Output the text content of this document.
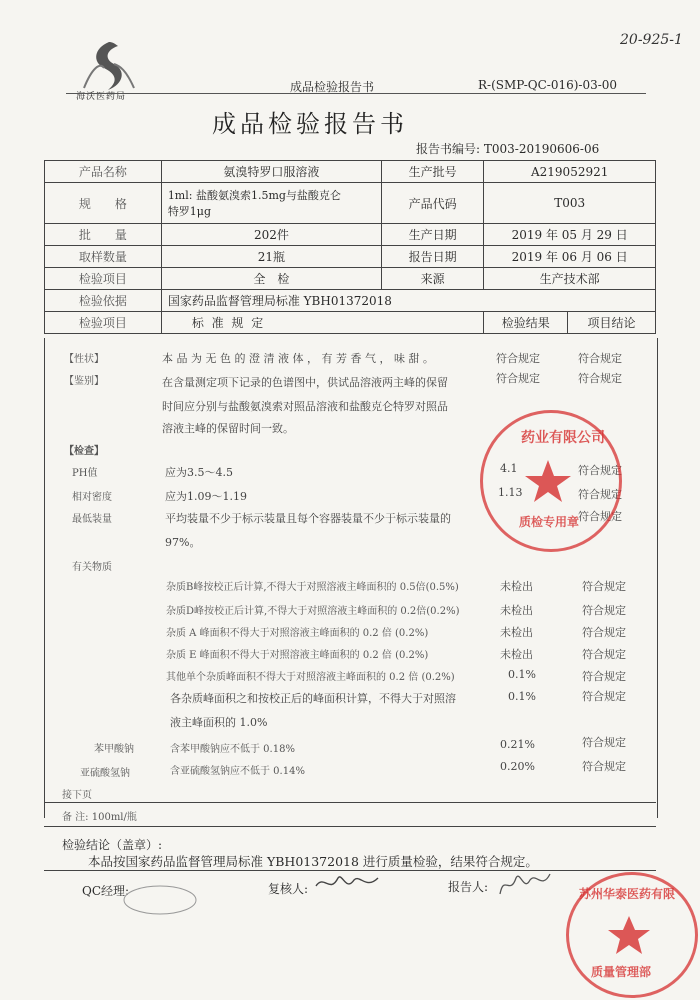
20-925-1
海沃医药局
成品检验报告书	R-(SMP-QC-016)-03-00
成品检验报告书
报告书编号: T003-20190606-06
产品名称	氨溴特罗口服溶液	生产批号	A219052921	
规　　格	1ml: 盐酸氨溴索1.5mg与盐酸克仑
特罗1μg	产品代码	T003	
批　　量	202件	生产日期	2019 年 05 月 29 日	
取样数量	21瓶	报告日期	2019 年 06 月 06 日	
检验项目	全　检	来源	生产技术部	
检验依据	国家药品监督管理局标准 YBH01372018			
检验项目	标 准 规 定		检验结果	项目结论
【性状】	本 品 为 无 色 的 澄 清 液 体 ， 有 芳 香 气 ， 味 甜 。	符合规定	符合规定
【鉴别】	在含量测定项下记录的色谱图中，供试品溶液两主峰的保留
时间应分别与盐酸氨溴索对照品溶液和盐酸克仑特罗对照品
溶液主峰的保留时间一致。
符合规定	符合规定
【检查】
PH值	应为3.5～4.5	4.1	符合规定
相对密度	应为1.09～1.19	1.13	符合规定
最低装量	平均装量不少于标示装量且每个容器装量不少于标示装量的
97%。
符合规定
有关物质
杂质B峰按校正后计算,不得大于对照溶液主峰面积的 0.5倍(0.5%)	未检出	符合规定
杂质D峰按校正后计算,不得大于对照溶液主峰面积的 0.2倍(0.2%)	未检出	符合规定
杂质 A 峰面积不得大于对照溶液主峰面积的 0.2 倍 (0.2%)	未检出	符合规定
杂质 E 峰面积不得大于对照溶液主峰面积的 0.2 倍 (0.2%)	未检出	符合规定
其他单个杂质峰面积不得大于对照溶液主峰面积的 0.2 倍 (0.2%)	0.1%	符合规定
各杂质峰面积之和按校正后的峰面积计算，不得大于对照溶
液主峰面积的 1.0%
0.1%	符合规定
苯甲酸钠	含苯甲酸钠应不低于 0.18%	0.21%	符合规定
亚硫酸氢钠	含亚硫酸氢钠应不低于 0.14%	0.20%	符合规定
接下页
备 注: 100ml/瓶
检验结论（盖章）:
本品按国家药品监督管理局标准 YBH01372018 进行质量检验，结果符合规定。
QC经理:	复核人:	报告人:
药业有限公司
质检专用章
苏州华泰医药有限
质量管理部
